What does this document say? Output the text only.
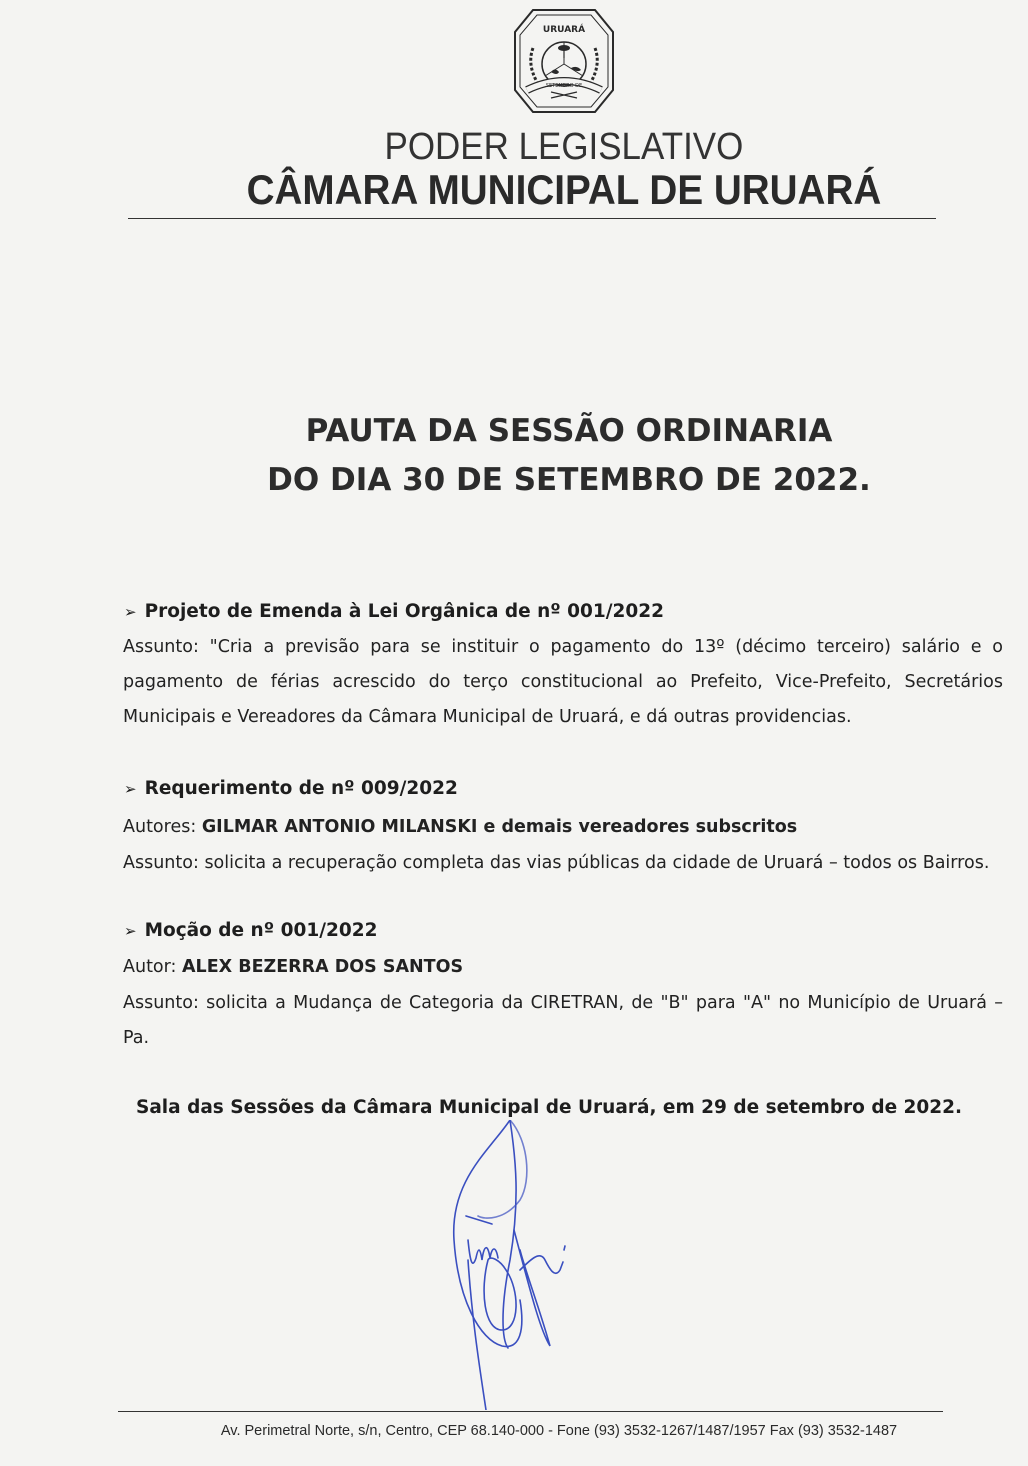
URUARÁ
SETEMBRO DE
PODER LEGISLATIVO
CÂMARA MUNICIPAL DE URUARÁ
PAUTA DA SESSÃO ORDINARIA
DO DIA 30 DE SETEMBRO DE 2022.
➢ Projeto de Emenda à Lei Orgânica de nº 001/2022
Assunto: "Cria a previsão para se instituir o pagamento do 13º (décimo terceiro) salário e o pagamento de férias acrescido do terço constitucional ao Prefeito, Vice-Prefeito, Secretários Municipais e Vereadores da Câmara Municipal de Uruará, e dá outras providencias.
➢ Requerimento de nº 009/2022
Autores: GILMAR ANTONIO MILANSKI e demais vereadores subscritos
Assunto: solicita a recuperação completa das vias públicas da cidade de Uruará – todos os Bairros.
➢ Moção de nº 001/2022
Autor: ALEX BEZERRA DOS SANTOS
Assunto: solicita a Mudança de Categoria da CIRETRAN, de "B" para "A" no Município de Uruará – Pa.
Sala das Sessões da Câmara Municipal de Uruará, em 29 de setembro de 2022.
Av. Perimetral Norte, s/n, Centro, CEP 68.140-000 - Fone (93) 3532-1267/1487/1957 Fax (93) 3532-1487
